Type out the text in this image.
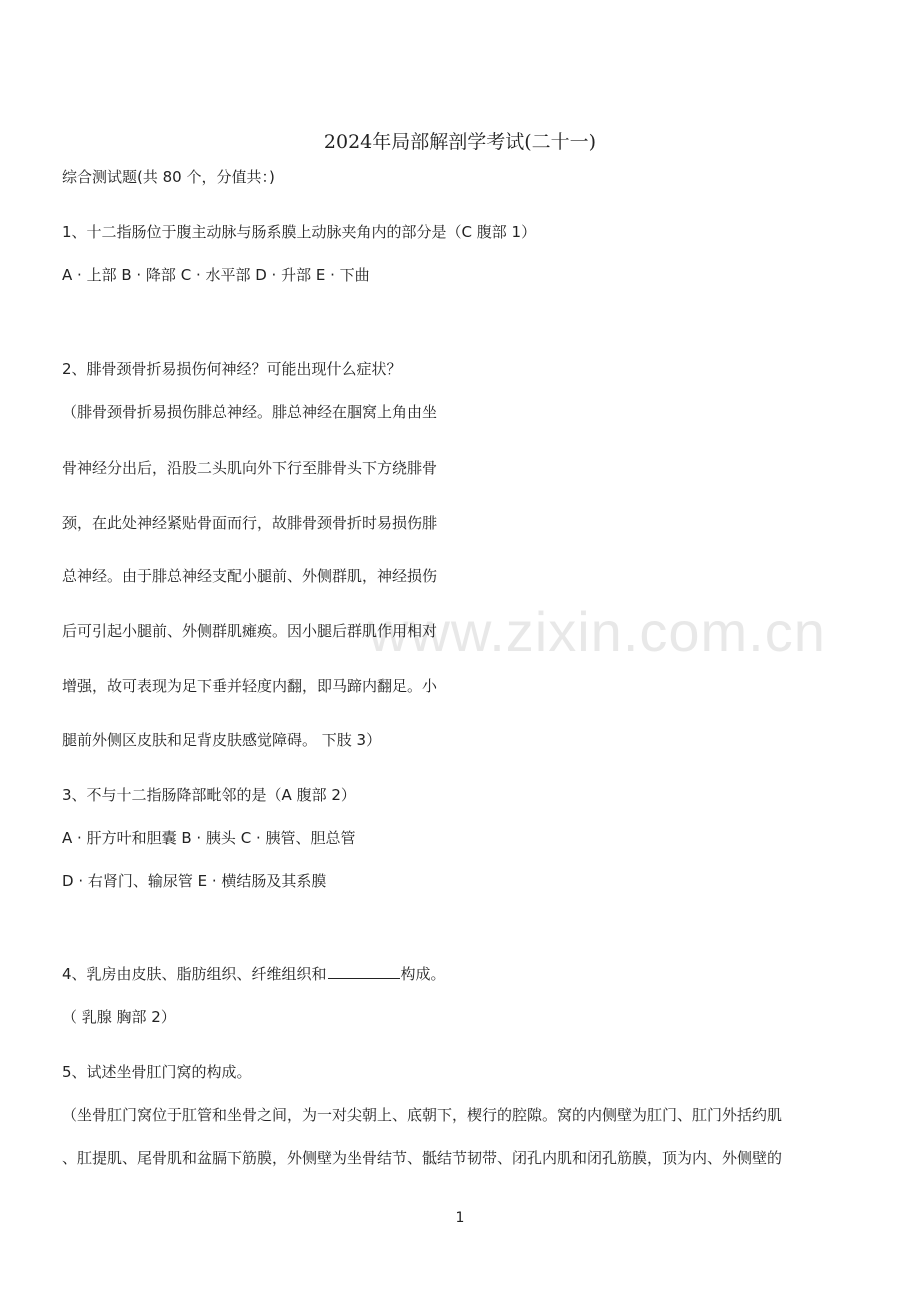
www.zixin.com.cn
2024年局部解剖学考试(二十一)
综合测试题(共 80 个，分值共：)
1、十二指肠位于腹主动脉与肠系膜上动脉夹角内的部分是（C 腹部 1）
A · 上部 B · 降部 C · 水平部 D · 升部 E · 下曲
2、腓骨颈骨折易损伤何神经？可能出现什么症状？
（腓骨颈骨折易损伤腓总神经。腓总神经在腘窝上角由坐
骨神经分出后，沿股二头肌向外下行至腓骨头下方绕腓骨
颈，在此处神经紧贴骨面而行，故腓骨颈骨折时易损伤腓
总神经。由于腓总神经支配小腿前、外侧群肌，神经损伤
后可引起小腿前、外侧群肌瘫痪。因小腿后群肌作用相对
增强，故可表现为足下垂并轻度内翻，即马蹄内翻足。小
腿前外侧区皮肤和足背皮肤感觉障碍。 下肢 3）
3、不与十二指肠降部毗邻的是（A 腹部 2）
A · 肝方叶和胆囊 B · 胰头 C · 胰管、胆总管
D · 右肾门、输尿管 E · 横结肠及其系膜
4、乳房由皮肤、脂肪组织、纤维组织和	构成。
（ 乳腺 胸部 2）
5、试述坐骨肛门窝的构成。
（坐骨肛门窝位于肛管和坐骨之间，为一对尖朝上、底朝下，楔行的腔隙。窝的内侧壁为肛门、肛门外括约肌
、肛提肌、尾骨肌和盆膈下筋膜，外侧壁为坐骨结节、骶结节韧带、闭孔内肌和闭孔筋膜，顶为内、外侧壁的
1
